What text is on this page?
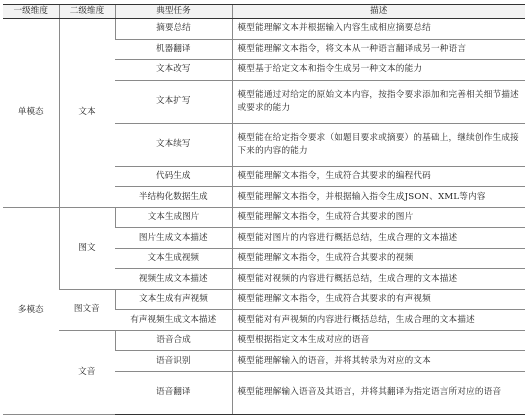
一级维度	二级维度	典型任务	描述
单模态	文本	摘要总结	模型能理解文本并根据输入内容生成相应摘要总结
		机器翻译	模型能理解文本指令，将文本从一种语言翻译成另一种语言
		文本改写	模型基于给定文本和指令生成另一种文本的能力
		文本扩写	模型能通过对给定的原始文本内容，按指令要求添加和完善相关细节描述或要求的能力
		文本续写	模型能在给定指令要求（如题目要求或摘要）的基础上，继续创作生成接下来的内容的能力
		代码生成	模型能理解文本指令，生成符合其要求的编程代码
		半结构化数据生成	模型能理解文本指令，并根据输入指令生成JSON、XML等内容
多模态	图文	文本生成图片	模型能理解文本指令，生成符合其要求的图片
		图片生成文本描述	模型能对图片的内容进行概括总结，生成合理的文本描述
		文本生成视频	模型能理解文本指令，生成符合其要求的视频
		视频生成文本描述	模型能对视频的内容进行概括总结，生成合理的文本描述
	图文音	文本生成有声视频	模型能理解文本指令，生成符合其要求的有声视频
		有声视频生成文本描述	模型能对有声视频的内容进行概括总结，生成合理的文本描述
	文音	语音合成	模型根据指定文本生成对应的语音
		语音识别	模型能理解输入的语音，并将其转录为对应的文本
		语音翻译	模型能理解输入语音及其语言，并将其翻译为指定语言所对应的语音
